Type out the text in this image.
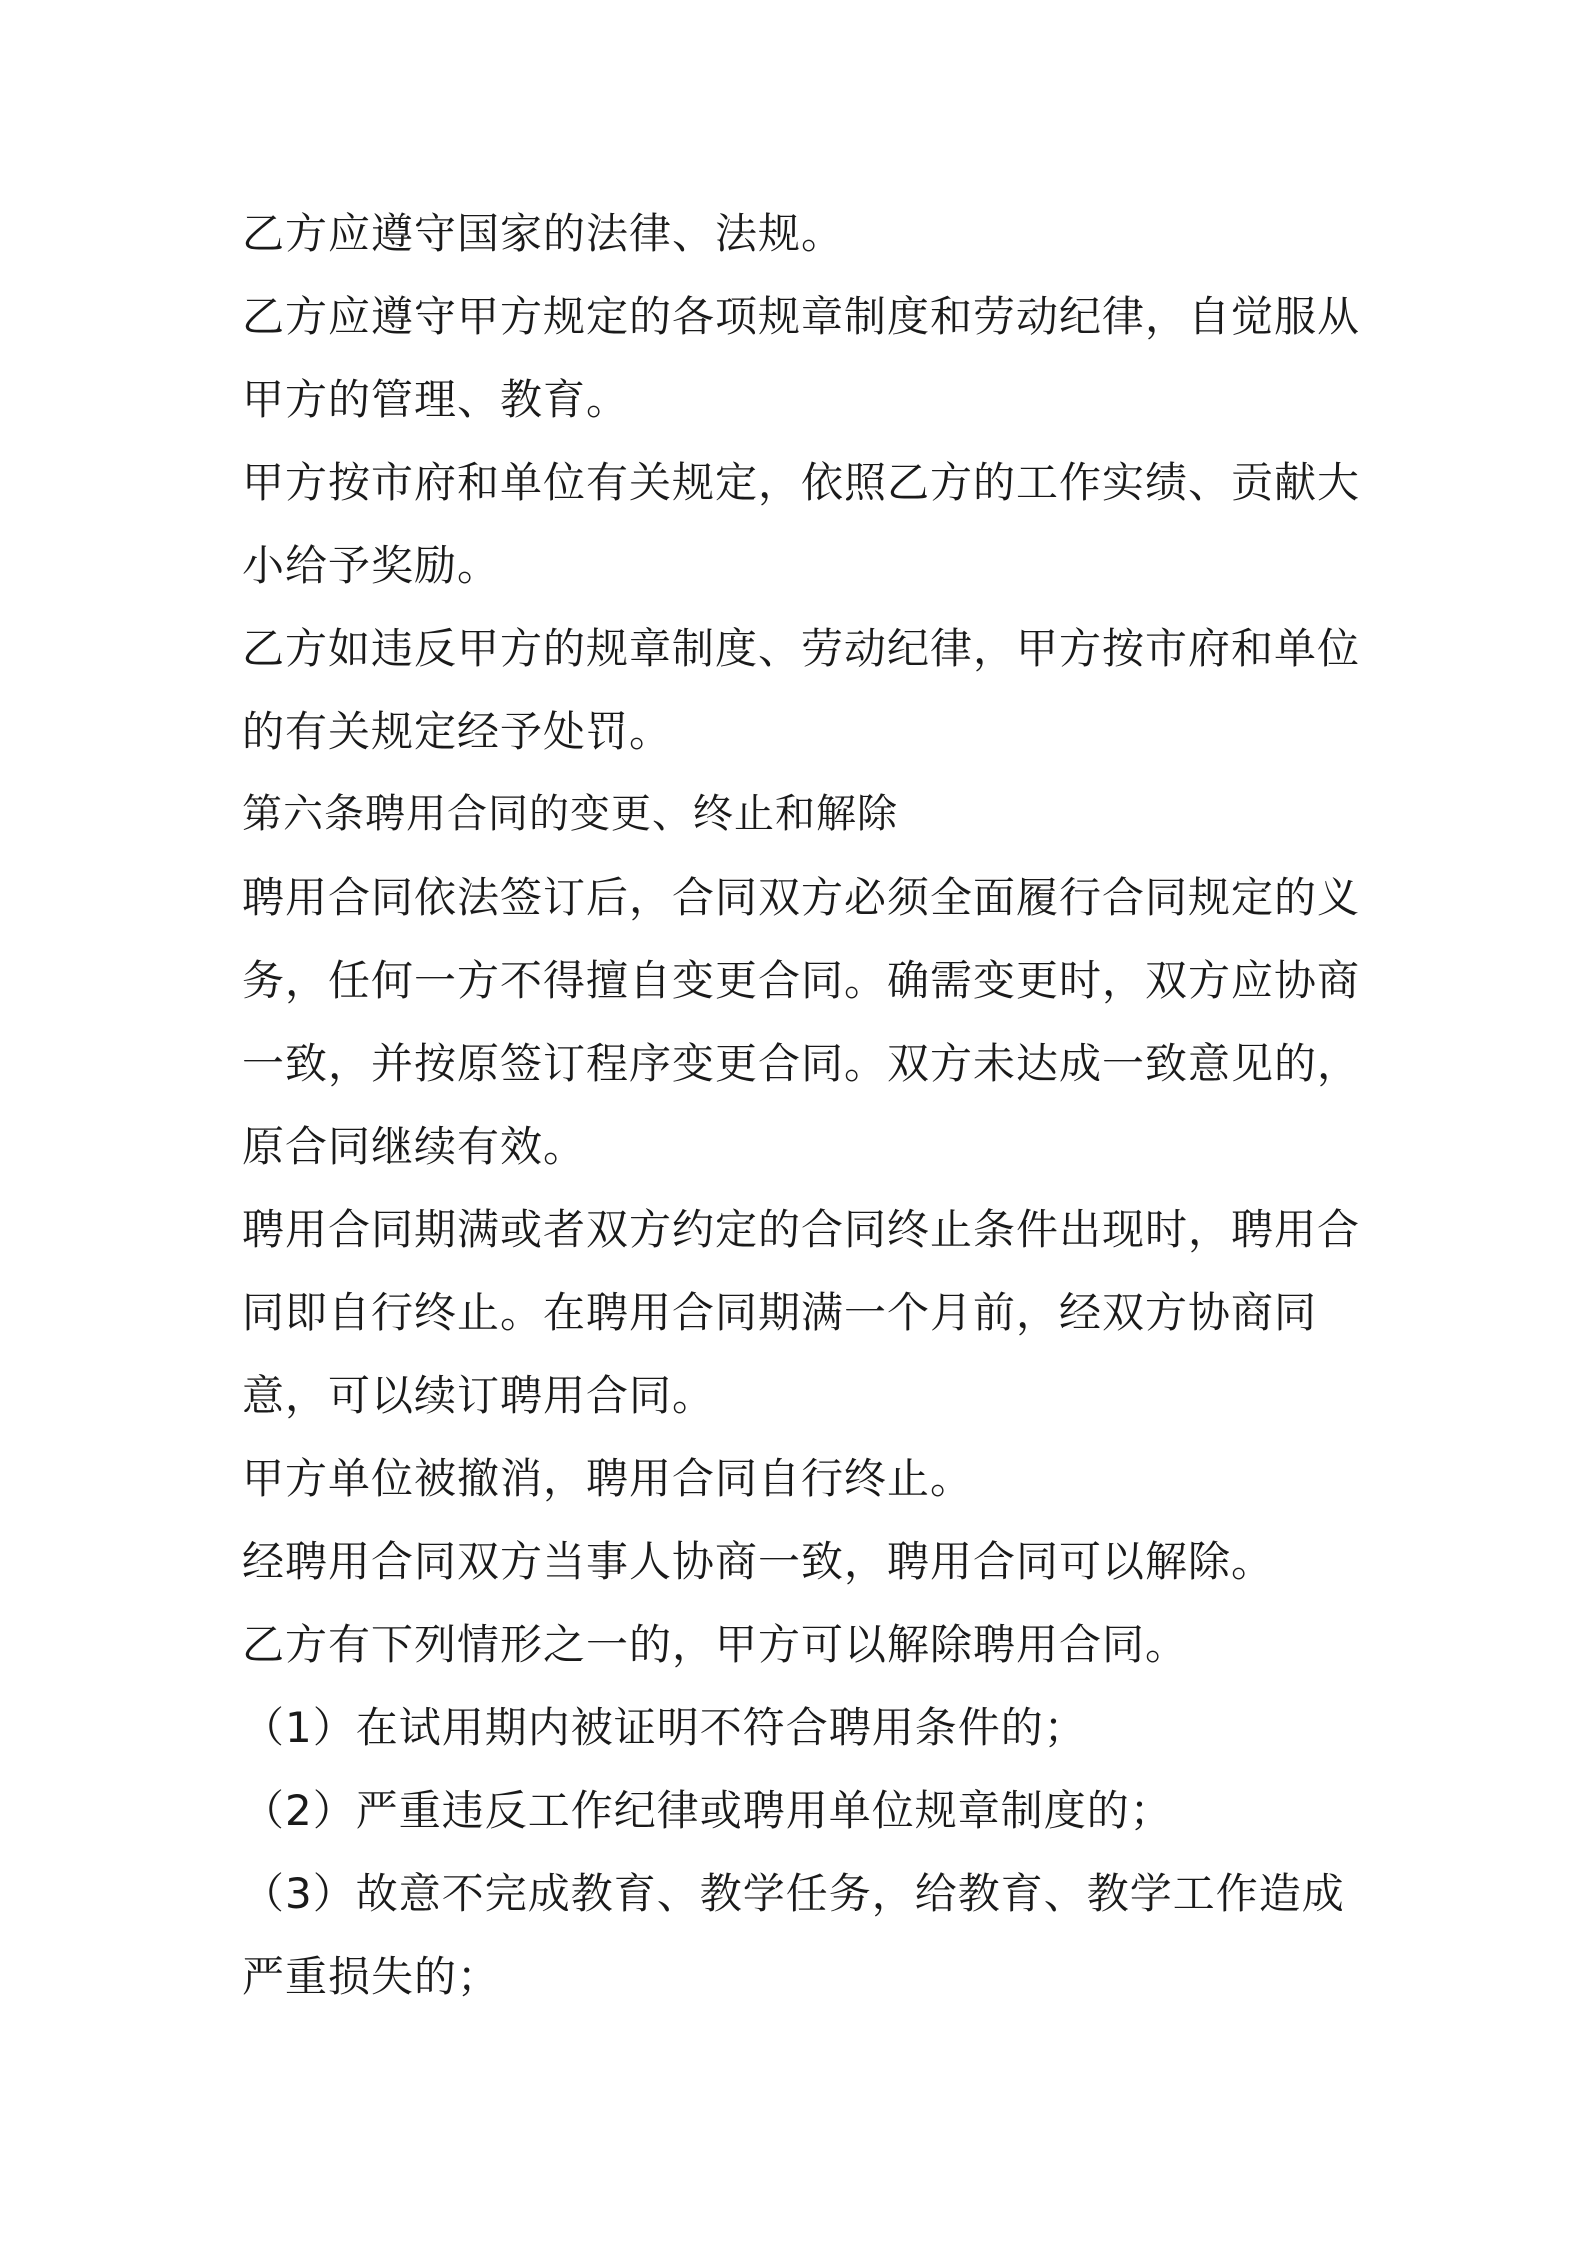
乙方应遵守国家的法律、法规。

乙方应遵守甲方规定的各项规章制度和劳动纪律，自觉服从甲方的管理、教育。

甲方按市府和单位有关规定，依照乙方的工作实绩、贡献大小给予奖励。

乙方如违反甲方的规章制度、劳动纪律，甲方按市府和单位的有关规定经予处罚。

第六条聘用合同的变更、终止和解除

聘用合同依法签订后，合同双方必须全面履行合同规定的义务，任何一方不得擅自变更合同。确需变更时，双方应协商一致，并按原签订程序变更合同。双方未达成一致意见的，原合同继续有效。

聘用合同期满或者双方约定的合同终止条件出现时，聘用合同即自行终止。在聘用合同期满一个月前，经双方协商同意，可以续订聘用合同。

甲方单位被撤消，聘用合同自行终止。

经聘用合同双方当事人协商一致，聘用合同可以解除。

乙方有下列情形之一的，甲方可以解除聘用合同。

（1）在试用期内被证明不符合聘用条件的；

（2）严重违反工作纪律或聘用单位规章制度的；

（3）故意不完成教育、教学任务，给教育、教学工作造成严重损失的；
